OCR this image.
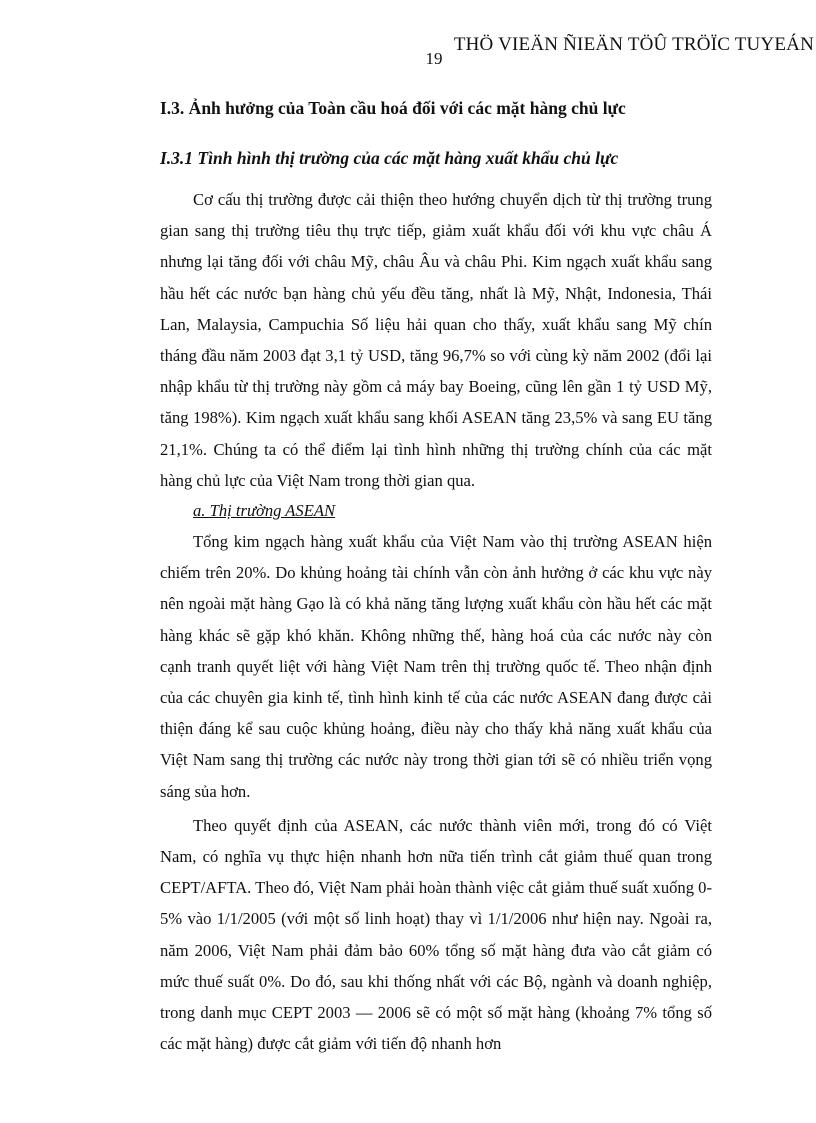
THÖ VIEÄN ÑIEÄN TÖÛ TRÖÏC TUYEÁN
19
I.3. Ảnh hưởng của Toàn cầu hoá đối với các mặt hàng chủ lực
I.3.1 Tình hình thị trường của các mặt hàng xuất khẩu chủ lực

Cơ cấu thị trường được cải thiện theo hướng chuyển dịch từ thị trường trung gian sang thị trường tiêu thụ trực tiếp, giảm xuất khẩu đối với khu vực châu Á nhưng lại tăng đối với châu Mỹ, châu Âu và châu Phi. Kim ngạch xuất khẩu sang hầu hết các nước bạn hàng chủ yếu đều tăng, nhất là Mỹ, Nhật, Indonesia, Thái Lan, Malaysia, Campuchia Số liệu hải quan cho thấy, xuất khẩu sang Mỹ chín tháng đầu năm 2003 đạt 3,1 tỷ USD, tăng 96,7% so với cùng kỳ năm 2002 (đổi lại nhập khẩu từ thị trường này gồm cả máy bay Boeing, cũng lên gần 1 tỷ USD Mỹ, tăng 198%). Kim ngạch xuất khẩu sang khối ASEAN tăng 23,5% và sang EU tăng 21,1%. Chúng ta có thể điểm lại tình hình những thị trường chính của các mặt hàng chủ lực của Việt Nam trong thời gian qua.

a. Thị trường ASEAN

Tổng kim ngạch hàng xuất khẩu của Việt Nam vào thị trường ASEAN hiện chiếm trên 20%. Do khủng hoảng tài chính vẫn còn ảnh hưởng ở các khu vực này nên ngoài mặt hàng Gạo là có khả năng tăng lượng xuất khẩu còn hầu hết các mặt hàng khác sẽ gặp khó khăn. Không những thế, hàng hoá của các nước này còn cạnh tranh quyết liệt với hàng Việt Nam trên thị trường quốc tế. Theo nhận định của các chuyên gia kinh tế, tình hình kinh tế của các nước ASEAN đang được cải thiện đáng kể sau cuộc khủng hoảng, điều này cho thấy khả năng xuất khẩu của Việt Nam sang thị trường các nước này trong thời gian tới sẽ có nhiều triển vọng sáng sủa hơn.

Theo quyết định của ASEAN, các nước thành viên mới, trong đó có Việt Nam, có nghĩa vụ thực hiện nhanh hơn nữa tiến trình cắt giảm thuế quan trong CEPT/AFTA. Theo đó, Việt Nam phải hoàn thành việc cắt giảm thuế suất xuống 0-5% vào 1/1/2005 (với một số linh hoạt) thay vì 1/1/2006 như hiện nay. Ngoài ra, năm 2006, Việt Nam phải đảm bảo 60% tổng số mặt hàng đưa vào cắt giảm có mức thuế suất 0%. Do đó, sau khi thống nhất với các Bộ, ngành và doanh nghiệp, trong danh mục CEPT 2003 — 2006 sẽ có một số mặt hàng (khoảng 7% tổng số các mặt hàng) được cắt giảm với tiến độ nhanh hơn
